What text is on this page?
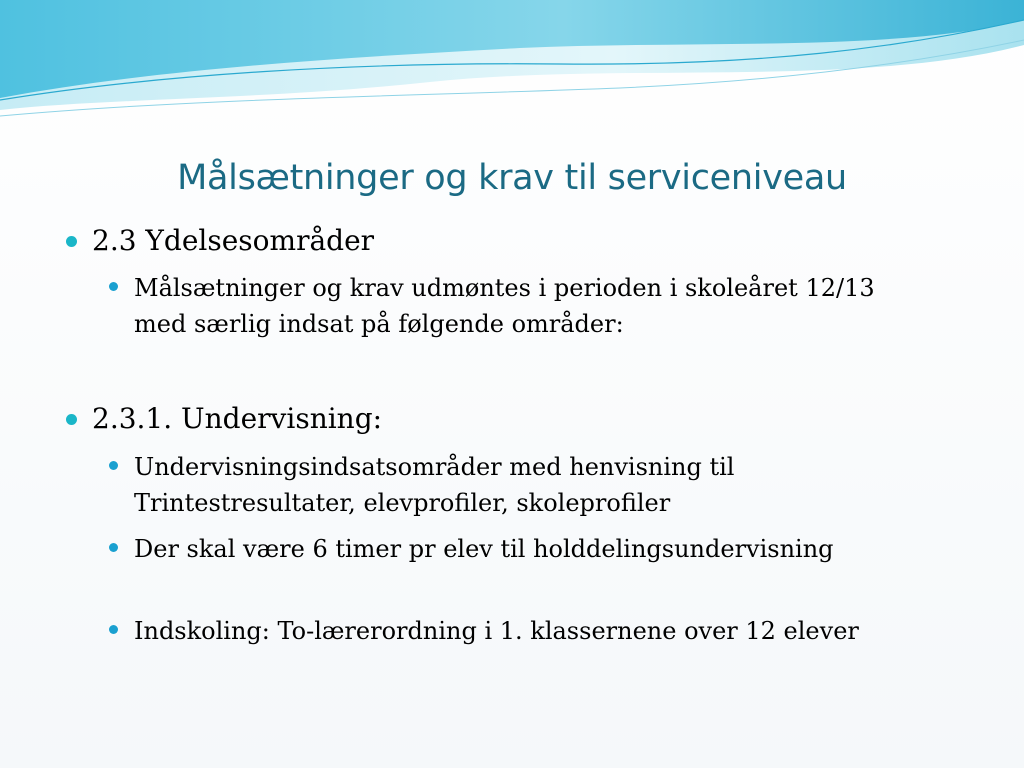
Målsætninger og krav til serviceniveau
2.3 Ydelsesområder
Målsætninger og krav udmøntes i perioden i skoleåret 12/13 med særlig indsat på følgende områder:
2.3.1. Undervisning:
Undervisningsindsatsområder med henvisning til Trintestresultater, elevprofiler, skoleprofiler
Der skal være 6 timer pr elev til holddelingsundervisning
Indskoling: To-lærerordning i 1. klassernene over 12 elever
